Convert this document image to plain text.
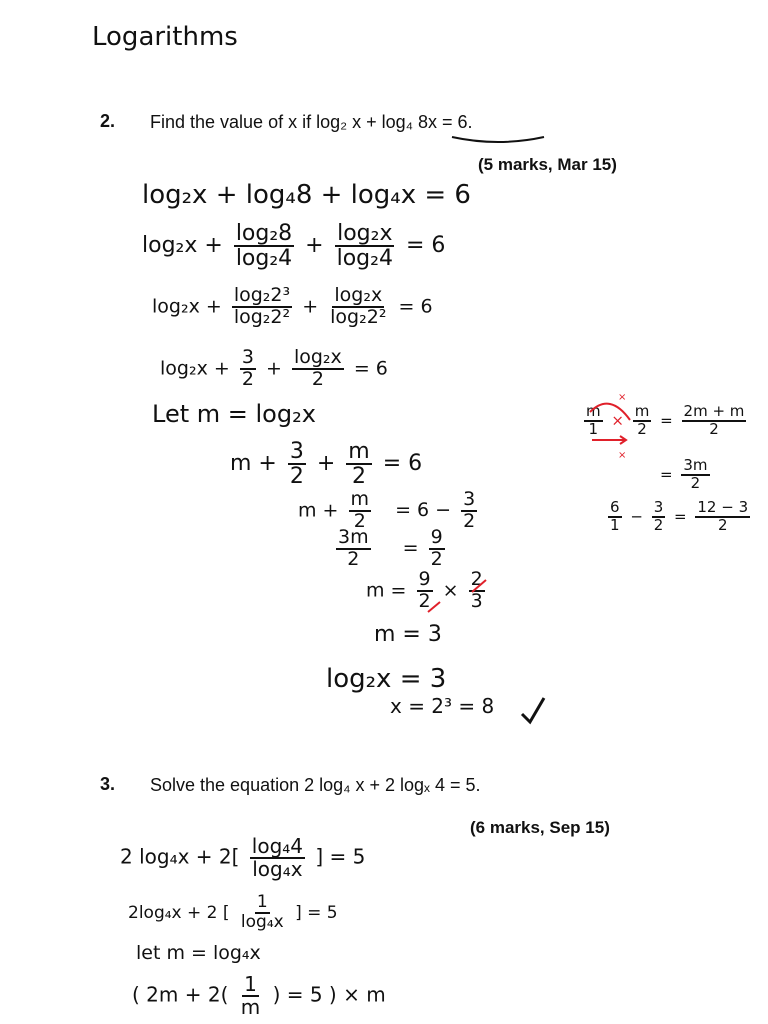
Logarithms
2. Find the value of x if log₂ x + log₄ 8x = 6.
(5 marks, Mar 15)
log₂x + log₄8 + log₄x = 6
$\log_2x + \frac{\text{log₂8}}{\text{log₂4}} + \frac{\text{log₂x}}{\text{log₂4}} = 6$
$\log_2x + \frac{\text{log₂2³}}{\text{log₂2²}} + \frac{\text{log₂x}}{\text{log₂2²}} = 6$
$\log_2x + \frac{3}{2} + \frac{\text{log₂x}}{2} = 6$
Let m = log₂x
$m + \frac{3}{2} + \frac{m}{2} = 6$
$m + \frac{m}{2} = 6 - \frac{3}{2}$
$\frac{3m}{2} = \frac{9}{2}$
$m = \frac{9}{2} \times \frac{2}{3}$
m = 3
log₂x = 3
x = 2³ = 8
$\frac{m}{1} \times \frac{m}{2} = \frac{2m + m}{2}$
×
×
= $\frac{3m}{2}$
$\frac{6}{1} - \frac{3}{2} = \frac{12 - 3}{2}$
3. Solve the equation 2 log₄ x + 2 logₓ 4 = 5.
(6 marks, Sep 15)
2 $\log_4x + 2[ \frac{\text{log₄4}}{\text{log₄x}}$ ] = 5
2log₄x + 2 [ $\frac{1}{\text{log₄x}}$ ] = 5
let m = log₄x
( $2m + 2( \frac{1}{m}$ ) = 5 ) × m
